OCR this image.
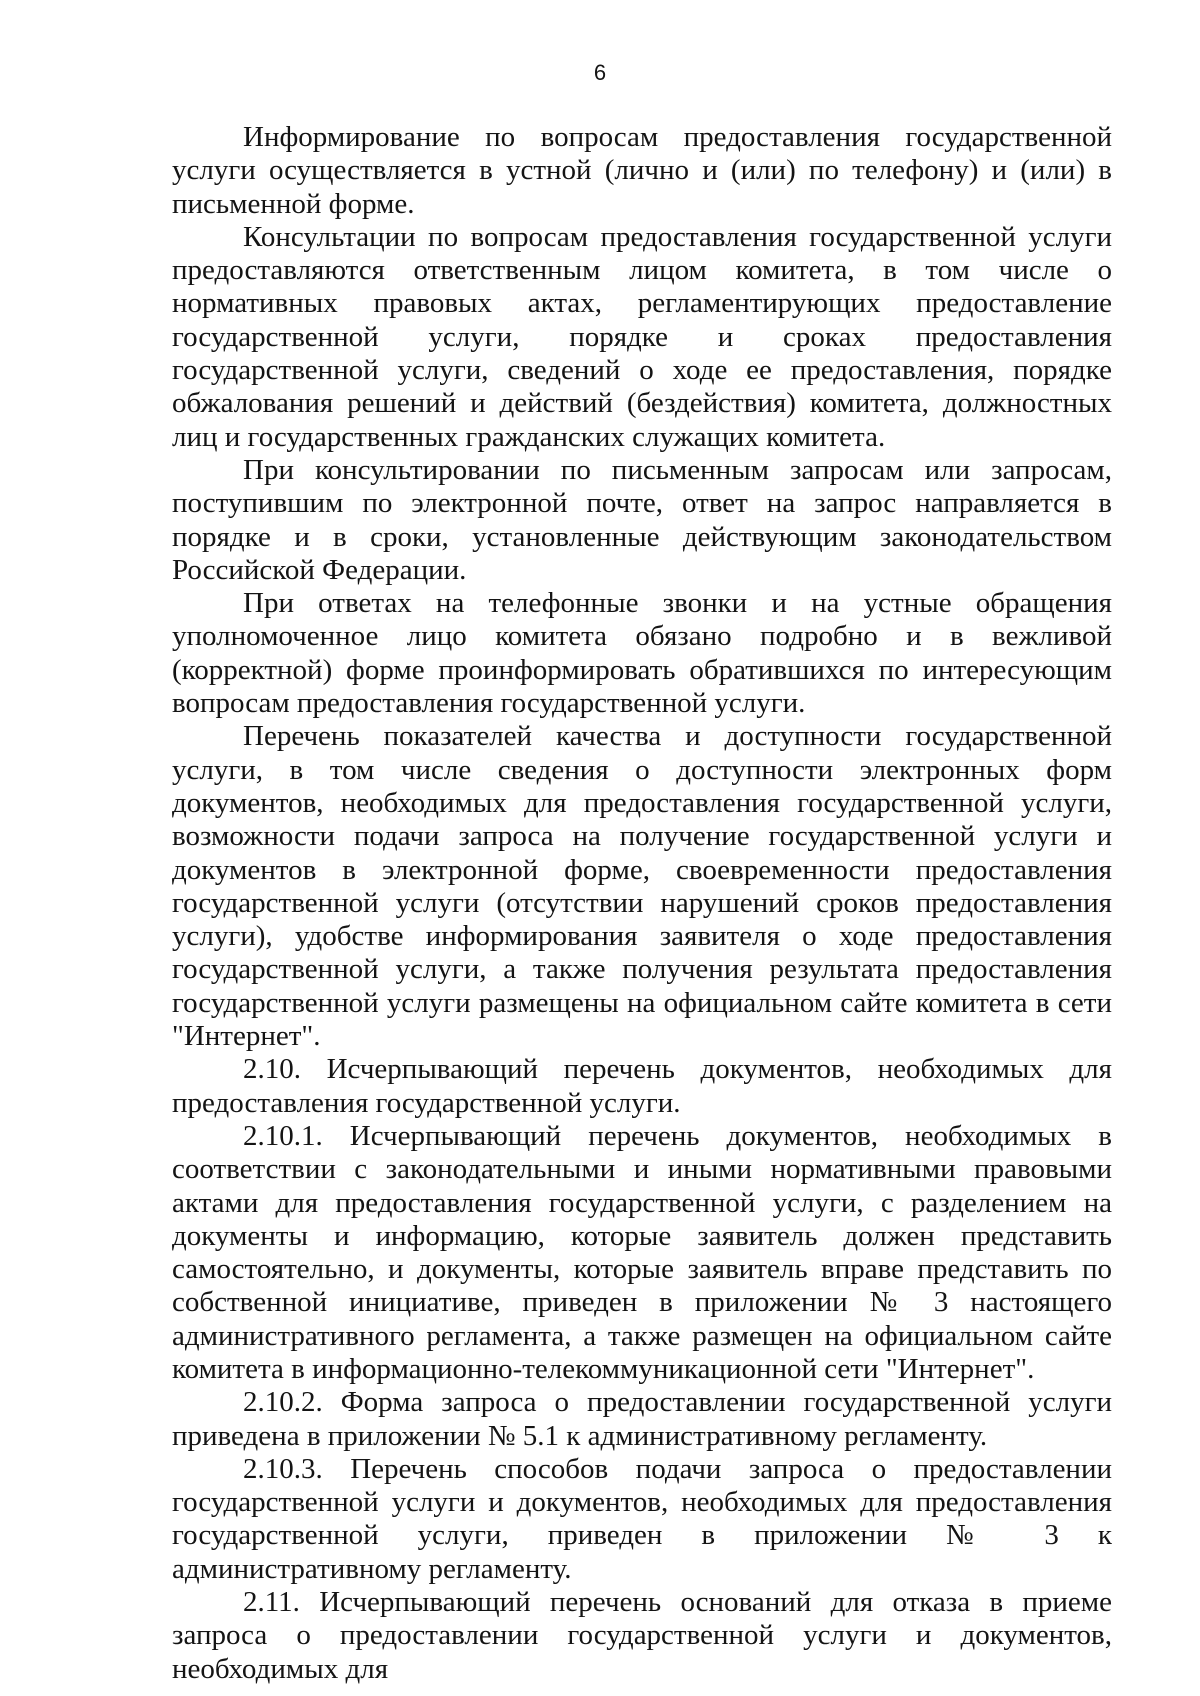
6

Информирование по вопросам предоставления государственной услуги осуществляется в устной (лично и (или) по телефону) и (или) в письменной форме.

Консультации по вопросам предоставления государственной услуги предоставляются ответственным лицом комитета, в том числе о нормативных правовых актах, регламентирующих предоставление государственной услуги, порядке и сроках предоставления государственной услуги, сведений о ходе ее предоставления, порядке обжалования решений и действий (бездействия) комитета, должностных лиц и государственных гражданских служащих комитета.

При консультировании по письменным запросам или запросам, поступившим по электронной почте, ответ на запрос направляется в порядке и в сроки, установленные действующим законодательством Российской Федерации.

При ответах на телефонные звонки и на устные обращения уполномоченное лицо комитета обязано подробно и в вежливой (корректной) форме проинформировать обратившихся по интересующим вопросам предоставления государственной услуги.

Перечень показателей качества и доступности государственной услуги, в том числе сведения о доступности электронных форм документов, необходимых для предоставления государственной услуги, возможности подачи запроса на получение государственной услуги и документов в электронной форме, своевременности предоставления государственной услуги (отсутствии нарушений сроков предоставления услуги), удобстве информирования заявителя о ходе предоставления государственной услуги, а также получения результата предоставления государственной услуги размещены на официальном сайте комитета в сети "Интернет".

2.10. Исчерпывающий перечень документов, необходимых для предоставления государственной услуги.

2.10.1. Исчерпывающий перечень документов, необходимых в соответствии с законодательными и иными нормативными правовыми актами для предоставления государственной услуги, с разделением на документы и информацию, которые заявитель должен представить самостоятельно, и документы, которые заявитель вправе представить по собственной инициативе, приведен в приложении № 3 настоящего административного регламента, а также размещен на официальном сайте комитета в информационно-телекоммуникационной сети "Интернет".

2.10.2. Форма запроса о предоставлении государственной услуги приведена в приложении № 5.1 к административному регламенту.

2.10.3. Перечень способов подачи запроса о предоставлении государственной услуги и документов, необходимых для предоставления государственной услуги, приведен в приложении № 3 к административному регламенту.

2.11. Исчерпывающий перечень оснований для отказа в приеме запроса о предоставлении государственной услуги и документов, необходимых для
